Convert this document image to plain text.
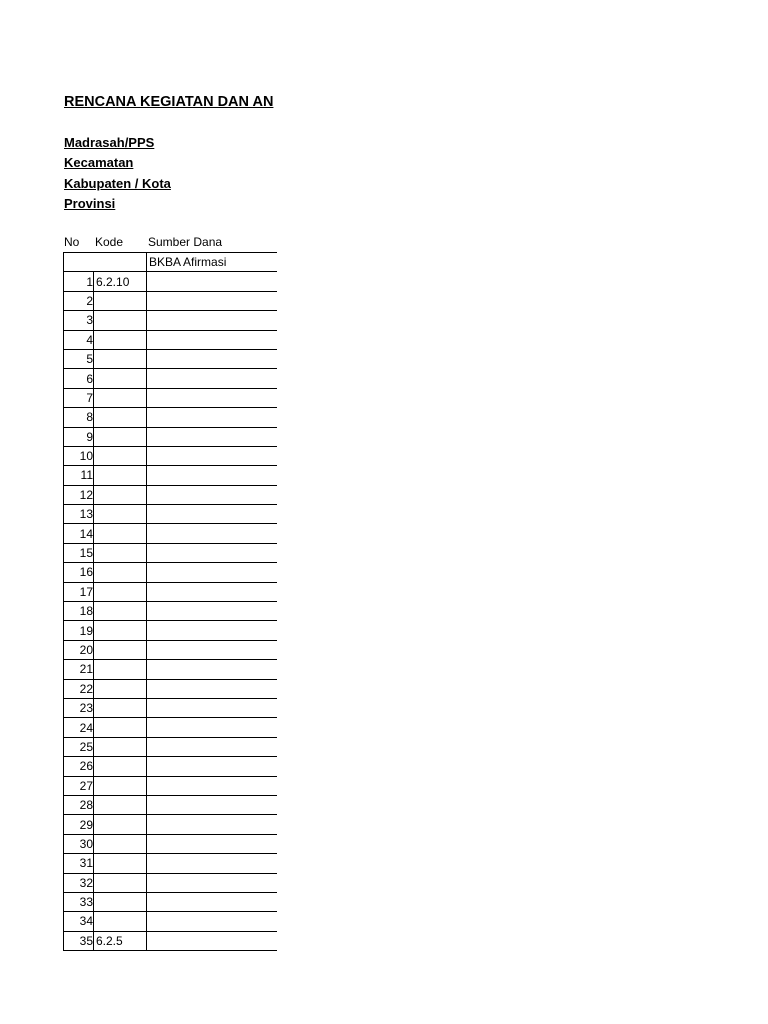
RENCANA KEGIATAN DAN AN
Madrasah/PPS
Kecamatan
Kabupaten / Kota
Provinsi
No Kode Sumber Dana
		BKBA Afirmasi
1	6.2.10	
2		
3		
4		
5		
6		
7		
8		
9		
10		
11		
12		
13		
14		
15		
16		
17		
18		
19		
20		
21		
22		
23		
24		
25		
26		
27		
28		
29		
30		
31		
32		
33		
34		
35	6.2.5	
